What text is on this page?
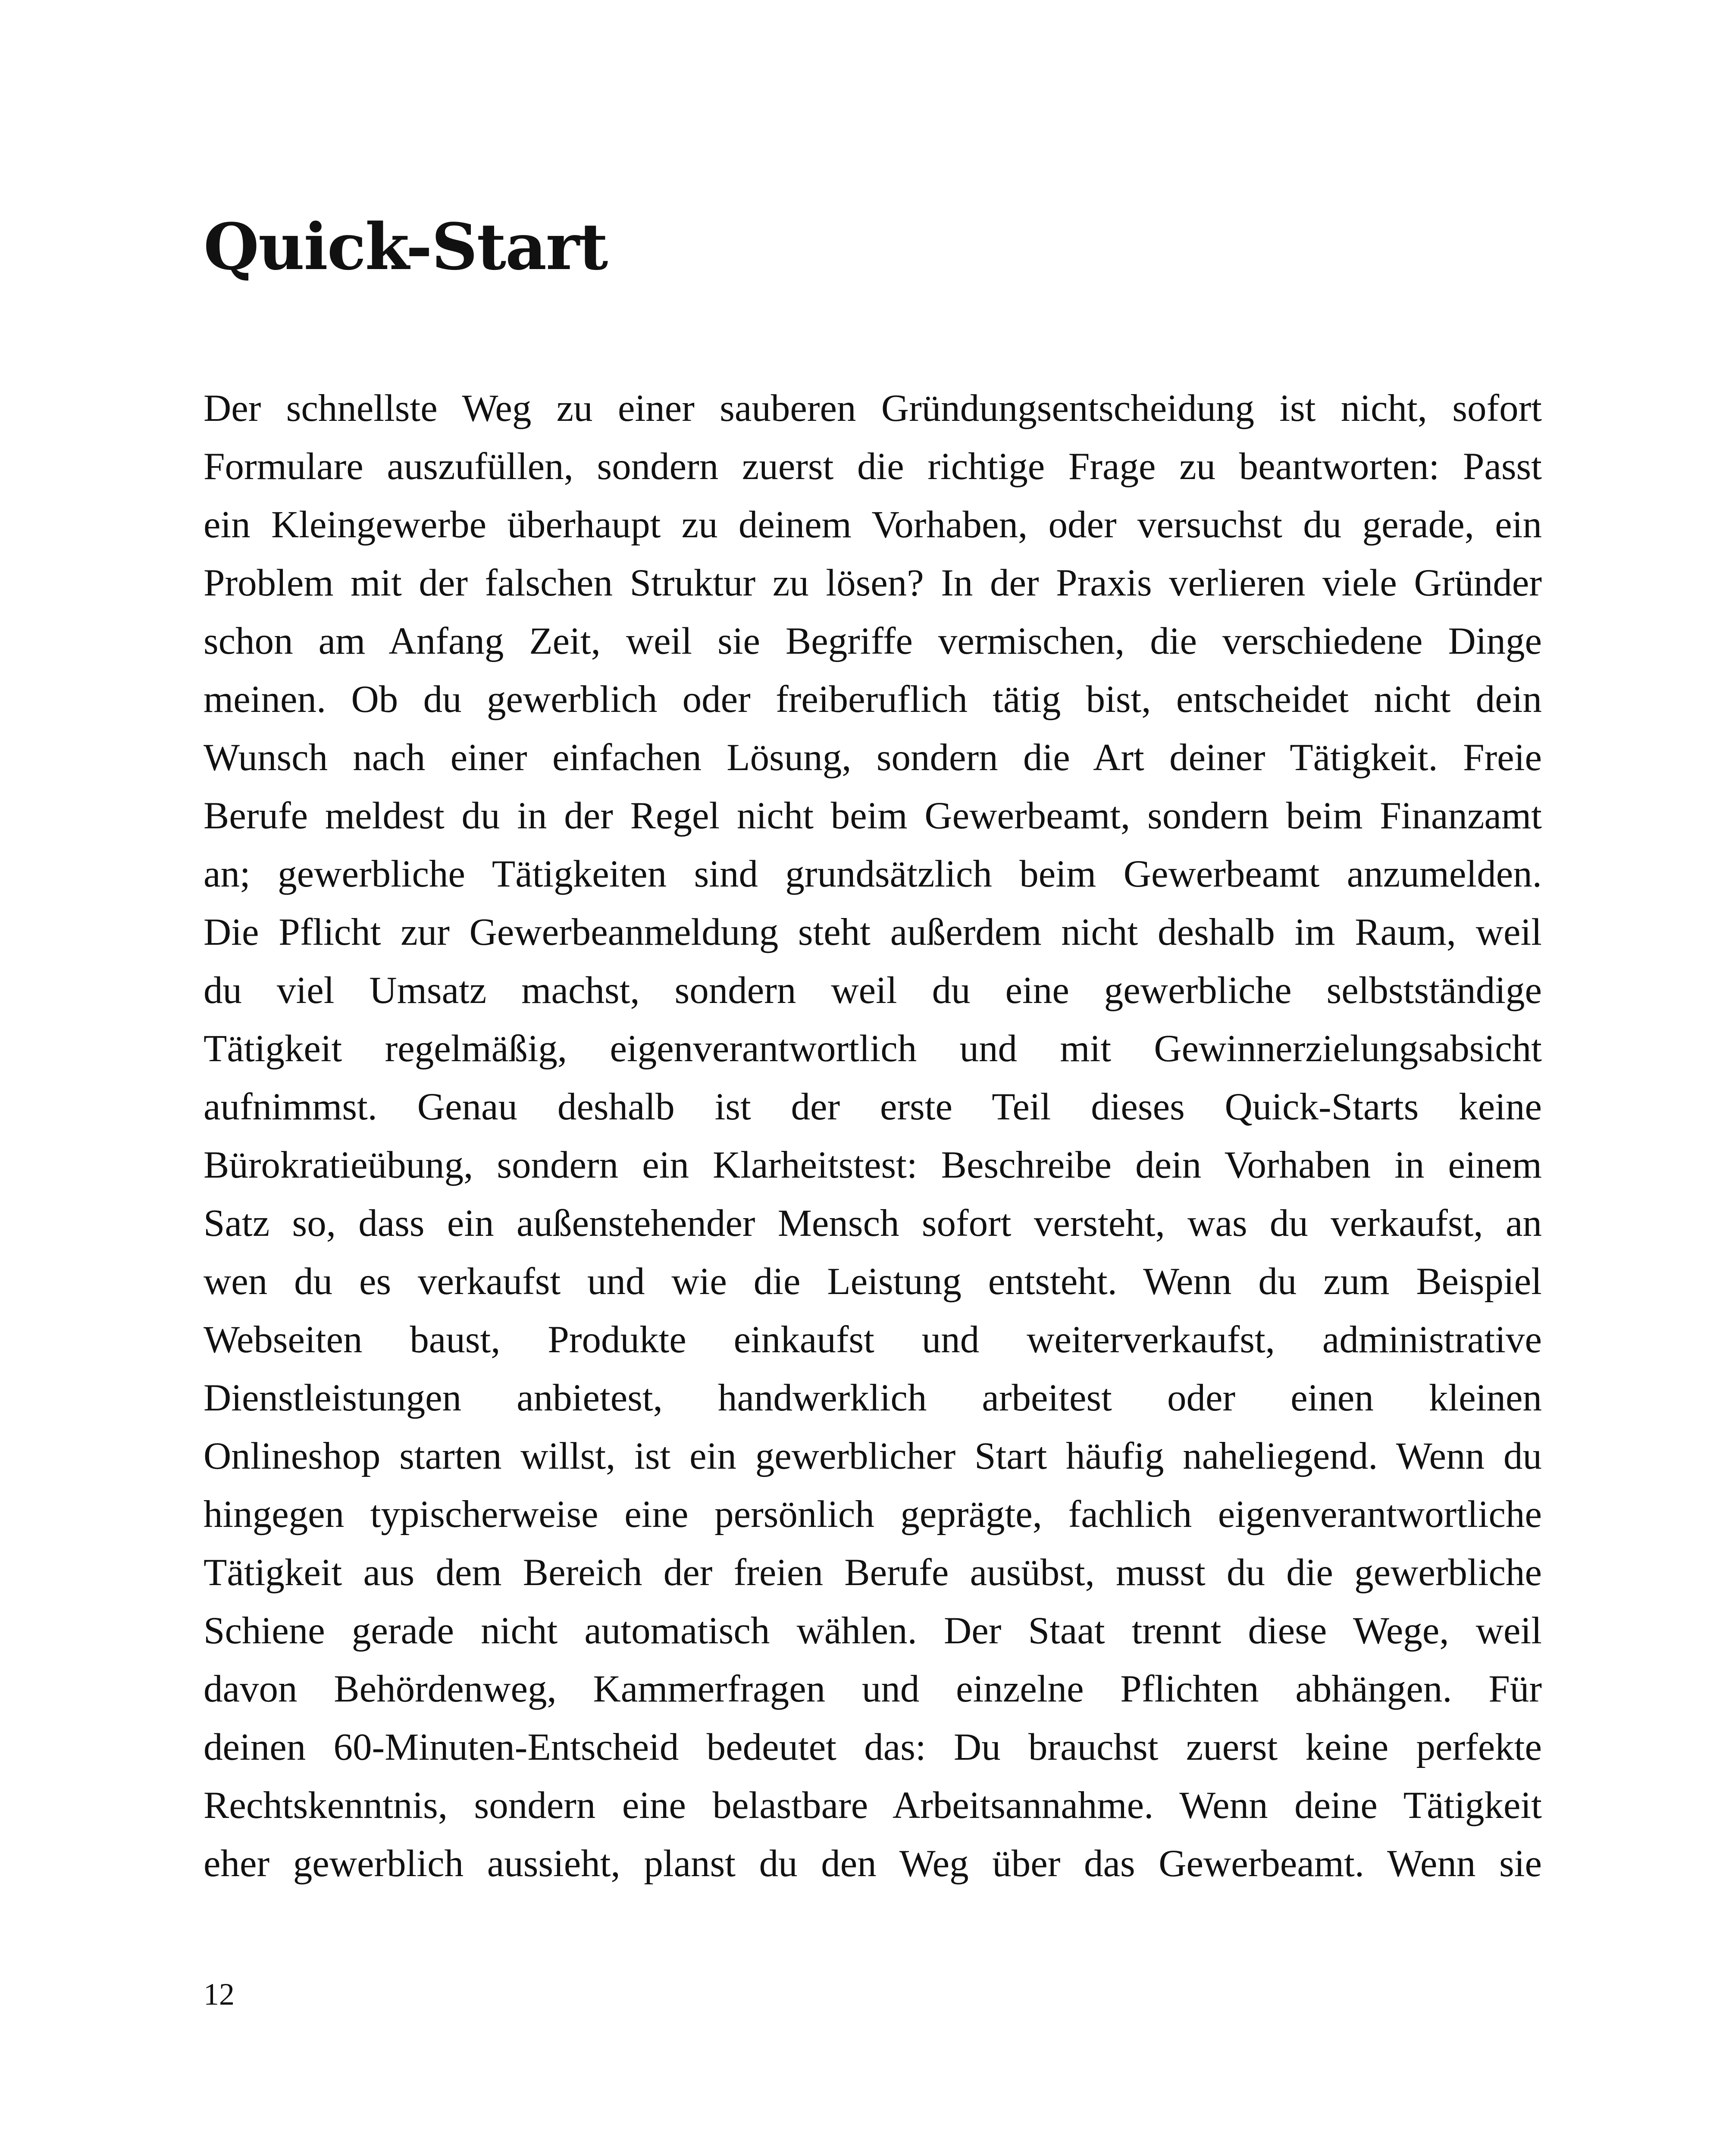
Quick-Start
Der schnellste Weg zu einer sauberen Gründungsentscheidung ist nicht, sofort
Formulare auszufüllen, sondern zuerst die richtige Frage zu beantworten: Passt
ein Kleingewerbe überhaupt zu deinem Vorhaben, oder versuchst du gerade, ein
Problem mit der falschen Struktur zu lösen? In der Praxis verlieren viele Gründer
schon am Anfang Zeit, weil sie Begriffe vermischen, die verschiedene Dinge
meinen. Ob du gewerblich oder freiberuflich tätig bist, entscheidet nicht dein
Wunsch nach einer einfachen Lösung, sondern die Art deiner Tätigkeit. Freie
Berufe meldest du in der Regel nicht beim Gewerbeamt, sondern beim Finanzamt
an; gewerbliche Tätigkeiten sind grundsätzlich beim Gewerbeamt anzumelden.
Die Pflicht zur Gewerbeanmeldung steht außerdem nicht deshalb im Raum, weil
du viel Umsatz machst, sondern weil du eine gewerbliche selbstständige
Tätigkeit regelmäßig, eigenverantwortlich und mit Gewinnerzielungsabsicht
aufnimmst. Genau deshalb ist der erste Teil dieses Quick-Starts keine
Bürokratieübung, sondern ein Klarheitstest: Beschreibe dein Vorhaben in einem
Satz so, dass ein außenstehender Mensch sofort versteht, was du verkaufst, an
wen du es verkaufst und wie die Leistung entsteht. Wenn du zum Beispiel
Webseiten baust, Produkte einkaufst und weiterverkaufst, administrative
Dienstleistungen anbietest, handwerklich arbeitest oder einen kleinen
Onlineshop starten willst, ist ein gewerblicher Start häufig naheliegend. Wenn du
hingegen typischerweise eine persönlich geprägte, fachlich eigenverantwortliche
Tätigkeit aus dem Bereich der freien Berufe ausübst, musst du die gewerbliche
Schiene gerade nicht automatisch wählen. Der Staat trennt diese Wege, weil
davon Behördenweg, Kammerfragen und einzelne Pflichten abhängen. Für
deinen 60-Minuten-Entscheid bedeutet das: Du brauchst zuerst keine perfekte
Rechtskenntnis, sondern eine belastbare Arbeitsannahme. Wenn deine Tätigkeit
eher gewerblich aussieht, planst du den Weg über das Gewerbeamt. Wenn sie
12
